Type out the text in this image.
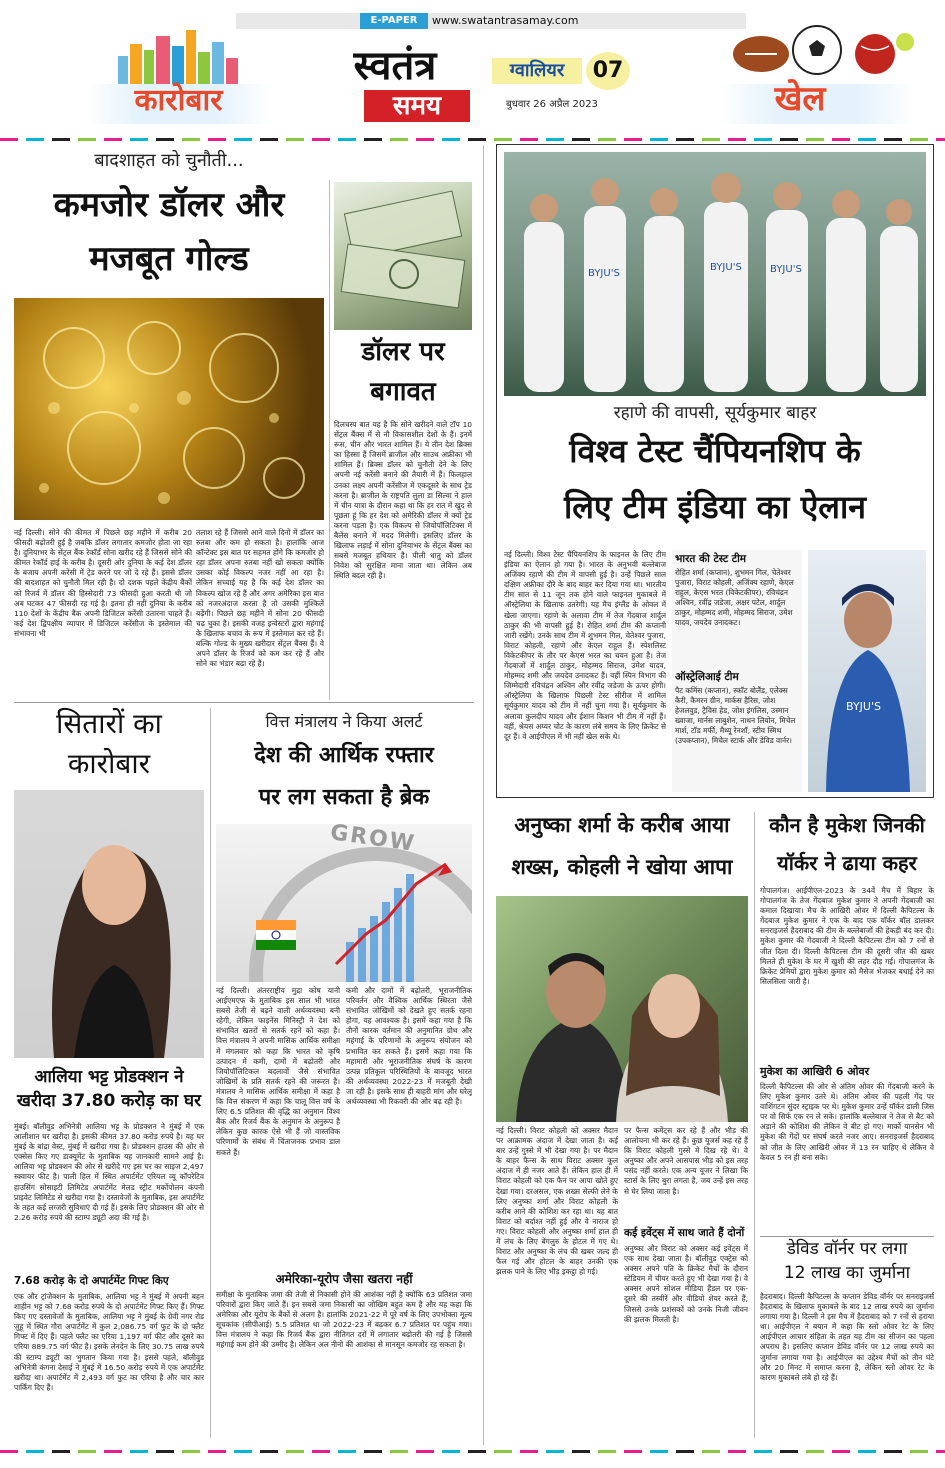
E-PAPER	www.swatantrasamay.com
कारोबार
स्वतंत्र
समय
ग्वालियर	07
बुधवार 26 अप्रैल 2023	खेल
बादशाहत को चुनौती...
कमजोर डॉलर और
मजबूत गोल्ड
नई दिल्ली। सोने की कीमत में पिछले छह महीने में करीब 20 फीसदी बढ़ोतरी हुई है जबकि डॉलर लगातार कमजोर होता जा रहा है। दुनियाभर के सेंट्रल बैंक रेकॉर्ड सोना खरीद रहे हैं जिससे सोने की कीमत रेकॉर्ड हाई के करीब है। दूसरी ओर दुनिया के कई देश डॉलर के बजाय अपनी करेंसी में ट्रेड करने पर जो दे रहे हैं। इससे डॉलर की बादशाहत को चुनौती मिल रही है। दो दशक पहले केंद्रीय बैंकों को रिजर्व में डॉलर की हिस्सेदारी 73 फीसदी हुआ करती थी जो अब घटकर 47 फीसदी रह गई है। इतना ही नहीं दुनिया के करीब 110 देशों के केंद्रीय बैंक अपनी डिजिटल करेंसी उतारना चाहते हैं। कई देश द्विपक्षीय व्यापार में डिजिटल करेंसीज के इस्तेमाल की संभावना भी
तलाश रहे हैं जिससे आने वाले दिनों में डॉलर का रुतबा और कम हो सकता है। हालांकि आज कॉन्टेक्ट इस बात पर सहमत होंगे कि कमजोर हो रहा डॉलर अपना रुतबा नहीं खो सकता क्योंकि उसका कोई विकल्प नजर नहीं आ रहा है। लेकिन सच्चाई यह है कि कई देश डॉलर का विकल्प खोज रहे हैं और अगर अमेरिका इस बात को नजरअंदाज करता है तो उसकी मुश्किलें बढ़ेंगी। पिछले छह महीने में सोना 20 फीसदी चढ़ चुका है। इसकी वजह इन्वेस्टरों द्वारा महंगाई के खिलाफ बचाव के रूप में इस्तेमाल कर रहे हैं। बल्कि गोल्ड के मुख्य खरीदार सेंट्रल बैंक्स हैं। वे अपने डॉलर के रिजर्व को कम कर रहे हैं और सोने का भंडार बढ़ा रहे हैं।
डॉलर पर
बगावत
दिलचस्प बात यह है कि सोने खरीदने वाले टॉप 10 सेंट्रल बैंक्स में से नौ विकासशील देशों के हैं। इनमें रूस, चीन और भारत शामिल हैं। ये तीन देश ब्रिक्स का हिस्सा हैं जिसमें ब्राजील और साउथ अफ्रीका भी शामिल हैं। ब्रिक्स डॉलर को चुनौती देने के लिए अपनी नई करेंसी बनाने की तैयारी में हैं। फिलहाल उनका लक्ष्य अपनी करेंसीज में एकदूसरे के साथ ट्रेड करना है। ब्राजील के राष्ट्रपति लुला डा सिल्वा ने हाल में चीन यात्रा के दौरान कहा था कि हर रात में खुद से पूछता हूं कि हर देश को अमेरिकी डॉलर में क्यों ट्रेड करना पड़ता है। एक विकल्प से जियोपॉलिटिक्स में बैलेंस बनाने में मदद मिलेगी। इसलिए डॉलर के खिलाफ लड़ाई में सोना दुनियाभर के सेंट्रल बैंक्स का सबसे मजबूत हथियार है। पीली धातु को डॉलर निवेश को सुरक्षित माना जाता था। लेकिन अब स्थिति बदल रही है।
सितारों का
कारोबार
आलिया भट्ट प्रोडक्शन ने
खरीदा 37.80 करोड़ का घर
मुंबई। बॉलीवुड अभिनेत्री आलिया भट्ट के प्रोडक्शन ने मुंबई में एक आलीशान घर खरीदा है। इसकी कीमत 37.80 करोड़ रुपये है। यह घर मुंबई के बांद्रा वेस्ट, मुंबई में खरीदा गया है। प्रोडक्शन हाउस की ओर से एक्सेस किए गए डाक्यूमेंट के मुताबिक यह जानकारी सामने आई है। आलिया भट्ट प्रोडक्शन की ओर से खरीदे गए इस घर का साइज 2,497 स्क्वायर फीट है। पाली हिल में स्थित अपार्टमेंट एरियल व्यू कॉपरेटिव हाउसिंग सोसाइटी लिमिटेड अपार्टमेंट मेलड स्ट्रीट मर्कोपोलन कंपनी प्राइवेट लिमिटेड से खरीदा गया है। दस्तावेजों के मुताबिक, इस अपार्टमेंट के तहत कई लग्जरी सुविधाएं दी गई हैं। इसके लिए प्रोडक्शन की ओर से 2.26 करोड़ रुपये की स्टाम्प ड्यूटी अदा की गई है।
7.68 करोड़ के दो अपार्टमेंट गिफ्ट किए
एक और ट्रांजेक्शन के मुताबिक, आलिया भट्ट ने मुंबई में अपनी बहन शाहीन भट्ट को 7.68 करोड़ रुपये के दो अपार्टमेंट गिफ्ट किए हैं। गिफ्ट किए गए दस्तावेजों के मुताबिक, आलिया भट्ट ने मुंबई के ग्रेवी नगर रोड जुहू में स्थित गौरा अपार्टमेंट में कुल 2,086.75 वर्ग फुट के दो फ्लैट गिफ्ट में दिए हैं। पहले फ्लैट का एरिया 1,197 वर्ग फीट और दूसरे का एरिया 889.75 वर्ग फीट है। इसके लेनदेन के लिए 30.75 लाख रुपये की स्टाम्प ड्यूटी का भुगतान किया गया है। इससे पहले, बॉलीवुड अभिनेत्री कंगना देसाई ने मुंबई में 16.50 करोड़ रुपये में एक अपार्टमेंट खरीदा था। अपार्टमेंट में 2,493 वर्ग फुट का एरिया है और चार कार पार्किंग दिए हैं।
वित्त मंत्रालय ने किया अलर्ट
देश की आर्थिक रफ्तार
पर लग सकता है ब्रेक
GROW
नई दिल्ली। अंतरराष्ट्रीय मुद्रा कोष यानी आईएमएफ के मुताबिक इस साल भी भारत सबसे तेजी से बढ़ने वाली अर्थव्यवस्था बनी रहेगी, लेकिन फाइनेंस मिनिस्ट्री ने देश को संभावित खतरों से सतर्क रहने को कहा है। वित्त मंत्रालय ने अपनी मासिक आर्थिक समीक्षा में मंगलवार को कहा कि भारत को कृषि उत्पादन में कमी, दामों में बढ़ोतरी और जियोपॉलिटिकल बदलावों जैसे संभावित जोखिमों के प्रति सतर्क रहने की जरूरत है। मंत्रालय ने मासिक आर्थिक समीक्षा में कहा है कि वित्त संकरण में कहा कि चालू वित्त वर्ष के लिए 6.5 प्रतिशत की वृद्धि का अनुमान विश्व बैंक और रिजर्व बैंक के अनुमान के अनुरूप है लेकिन कुछ कारक ऐसे भी हैं जो वास्तविक परिणामों के संबंध में चिंताजनक प्रभाव डाल सकते हैं।
कमी और दामों में बढ़ोतरी, भूराजनीतिक परिवर्तन और वैश्विक आर्थिक स्थिरता जैसे संभावित जोखिमों को देखते हुए सतर्क रहना होगा, यह आवश्यक है। इसमें कहा गया है कि तीनों कारक वर्तमान की अनुमानित ग्रोथ और महंगाई के परिणामों के अनुरूप संयोजन को प्रभावित कर सकते हैं। इसमें कहा गया कि महामारी और भूराजनीतिक संघर्ष के कारण उत्पन्न प्रतिकूल परिस्थितियों के बावजूद भारत की अर्थव्यवस्था 2022-23 में मजबूती देखी जा रही है। इसके साथ ही बाहरी मांग और घरेलू अर्थव्यवस्था भी रिकवरी की ओर बढ़ रही है।
अमेरिका-यूरोप जैसा खतरा नहीं
समीक्षा के मुताबिक जमा की तेजी से निकासी होने की आशंका नहीं है क्योंकि 63 प्रतिशत जमा परिवारों द्वारा किए जाते हैं। इन सबसे जमा निकासी का जोखिम बहुत कम है और यह कहा कि अमेरिका और यूरोप के बैंकों से अलग है। हालांकि 2021-22 में पूरे वर्ष के लिए उपभोक्ता मूल्य सूचकांक (सीपीआई) 5.5 प्रतिशत था जो 2022-23 में बढ़कर 6.7 प्रतिशत पर पहुंच गया। वित्त मंत्रालय ने कहा कि रिजर्व बैंक द्वारा नीतिगत दरों में लगातार बढ़ोतरी की गई है जिससे महंगाई कम होने की उम्मीद है। लेकिन अल नीनो की आशंका से मानसून कमजोर रह सकता है।
BYJU'S
BYJU'S	BYJU'S
रहाणे की वापसी, सूर्यकुमार बाहर
विश्व टेस्ट चैंपियनशिप के
लिए टीम इंडिया का ऐलान
नई दिल्ली। विश्व टेस्ट चैंपियनशिप के फाइनल के लिए टीम इंडिया का ऐलान हो गया है। भारत के अनुभवी बल्लेबाज अजिंक्य रहाणे की टीम में वापसी हुई है। उन्हें पिछले साल दक्षिण अफ्रीका दौरे के बाद बाहर कर दिया गया था। भारतीय टीम सात से 11 जून तक होने वाले फाइनल मुकाबले में ऑस्ट्रेलिया के खिलाफ उतरेगी। यह मैच इंग्लैंड के ओवल में खेला जाएगा। रहाणे के अलावा टीम में तेज गेंदबाज शार्दुल ठाकुर की भी वापसी हुई है। रोहित शर्मा टीम की कप्तानी जारी रखेंगे। उनके साथ टीम में शुभमन गिल, चेतेश्वर पुजारा, विराट कोहली, रहाणे और केएल राहुल हैं। स्पेशलिस्ट विकेटकीपर के तौर पर केएस भरत का चयन हुआ है। तेज गेंदबाजों में शार्दुल ठाकुर, मोहम्मद सिराज, उमेश यादव, मोहम्मद शमी और जयदेव उनादकट हैं। वहीं स्पिन विभाग की जिम्मेदारी रविचंद्रन अश्विन और रवींद्र जडेजा के ऊपर होगी। ऑस्ट्रेलिया के खिलाफ पिछली टेस्ट सीरीज में शामिल सूर्यकुमार यादव को टीम में नहीं चुना गया है। सूर्यकुमार के अलावा कुलदीप यादव और ईशान किशन भी टीम में नहीं हैं। वहीं, श्रेयस अय्यर चोट के कारण लंबे समय के लिए क्रिकेट से दूर हैं। वे आईपीएल में भी नहीं खेल सके थे।
भारत की टेस्ट टीम
रोहित शर्मा (कप्तान), शुभमन गिल, चेतेश्वर पुजारा, विराट कोहली, अजिंक्य रहाणे, केएल राहुल, केएस भरत (विकेटकीपर), रविचंद्रन अश्विन, रवींद्र जडेजा, अक्षर पटेल, शार्दुल ठाकुर, मोहम्मद शमी, मोहम्मद सिराज, उमेश यादव, जयदेव उनादकट।
ऑस्ट्रेलिआई टीम
पैट कमिंस (कप्तान), स्कॉट बोलैंड, एलेक्स कैरी, कैमरन ग्रीन, मार्कस हैरिस, जोश हेजलवुड, ट्रैविस हेड, जोश इंगलिस, उस्मान ख्वाजा, मार्नस लाबुशेन, नाथन लियोन, मिचेल मार्श, टॉड मर्फी, मैथ्यू रेनशॉ, स्टीव स्मिथ (उपकप्तान), मिचेल स्टार्क और डेविड वार्नर।
BYJU'S
अनुष्का शर्मा के करीब आया
शख्स, कोहली ने खोया आपा
नई दिल्ली। विराट कोहली को अक्सर मैदान पर आक्रामक अंदाज में देखा जाता है। कई बार उन्हें गुस्से में भी देखा गया है। पर मैदान के बाहर फैन्स के साथ विराट अक्सर कूल अंदाज में ही नजर आते हैं। लेकिन हाल ही में विराट कोहली को एक फैन पर आपा खोते हुए देखा गया। दरअसल, एक शख्स सेल्फी लेने के लिए अनुष्का शर्मा और विराट कोहली के करीब आने की कोशिश कर रहा था। यह बात विराट को बर्दाश्त नहीं हुई और वे नाराज हो गए। विराट कोहली और अनुष्का शर्मा हाल ही में लंच के लिए बेंगलुरु के होटल में गए थे। विराट और अनुष्का के लंच की खबर जल्द ही फैल गई और होटल के बाहर उनकी एक झलक पाने के लिए भीड़ इकट्ठा हो गई।
पर फैन्स कमेंट्स कर रहे हैं और भीड़ की आलोचना भी कर रहे हैं। कुछ यूजर्स कह रहे हैं कि विराट कोहली गुस्से में दिख रहे थे। वे अनुष्का और अपने आसपास भीड़ को इस तरह पसंद नहीं करते। एक अन्य यूजर ने लिखा कि स्टार्स के लिए बुरा लगता है, जब उन्हें इस तरह से घेर लिया जाता है।
कई इवेंट्स में साथ जाते हैं दोनों
अनुष्का और विराट को अक्सर कई इवेंट्स में एक साथ देखा जाता है। बॉलीवुड एक्ट्रेस को अक्सर अपने पति के क्रिकेट मैचों के दौरान स्टेडियम में चीयर करते हुए भी देखा गया है। वे अक्सर अपने सोशल मीडिया हैंडल पर एक-दूसरे की तस्वीरें और वीडियो शेयर करते हैं, जिससे उनके प्रशंसकों को उनके निजी जीवन की झलक मिलती है।
कौन है मुकेश जिनकी
यॉर्कर ने ढाया कहर
गोपालगंज। आईपीएल-2023 के 34वें मैच में बिहार के गोपालगंज के तेज गेंदबाज मुकेश कुमार ने अपनी गेंदबाजी का कमाल दिखाया। मैच के आखिरी ओवर में दिल्ली कैपिटल्स के गेंदबाज मुकेश कुमार ने एक के बाद एक यॉर्कर बॉल डालकर सनराइजर्स हैदराबाद की टीम के बल्लेबाजों की हेकड़ी बंद कर दी। मुकेश कुमार की गेंदबाजी ने दिल्ली कैपिटल्स टीम को 7 रनों से जीत दिला दी। दिल्ली कैपिटल्स टीम की दूसरी जीत की खबर मिलते ही मुकेश के घर में खुशी की लहर दौड़ गई। गोपालगंज के क्रिकेट प्रेमियों द्वारा मुकेश कुमार को मैसेज भेजकर बधाई देने का सिलसिला जारी है।
मुकेश का आखिरी 6 ओवर
दिल्ली कैपिटल्स की ओर से अंतिम ओवर की गेंदबाजी करने के लिए मुकेश कुमार उतरे थे। अंतिम ओवर की पहली गेंद पर वाशिंगटन सुंदर स्ट्राइक पर थे। मुकेश कुमार उन्हें यॉर्कर डाली जिस पर वो सिर्फ एक रन ले सके। हालांकि बल्लेबाज ने तेज से बैट को अड़ाने की कोशिश की लेकिन वे बीट हो गए। मार्को यानसेन भी मुकेश की गेंदों पर संघर्ष करते नजर आए। सनराइजर्स हैदराबाद को जीत के लिए आखिरी ओवर में 13 रन चाहिए थे लेकिन वे केवल 5 रन ही बना सके।
डेविड वॉर्नर पर लगा
12 लाख का जुर्माना
हैदराबाद। दिल्ली कैपिटल्स के कप्तान डेविड वॉर्नर पर सनराइजर्स हैदराबाद के खिलाफ मुकाबले के बाद 12 लाख रुपये का जुर्माना लगाया गया है। दिल्ली ने इस मैच में हैदराबाद को 7 रनों से हराया था। आईपीएल ने बयान में कहा कि स्लो ओवर रेट के लिए आईपीएल आचार संहिता के तहत यह टीम का सीजन का पहला अपराध है। इसलिए कप्तान डेविड वॉर्नर पर 12 लाख रुपये का जुर्माना लगाया गया है। आईपीएल का उद्देश्य मैचों को तीन घंटे और 20 मिनट में समाप्त करना है, लेकिन स्लो ओवर रेट के कारण मुकाबले लंबे हो रहे हैं।
